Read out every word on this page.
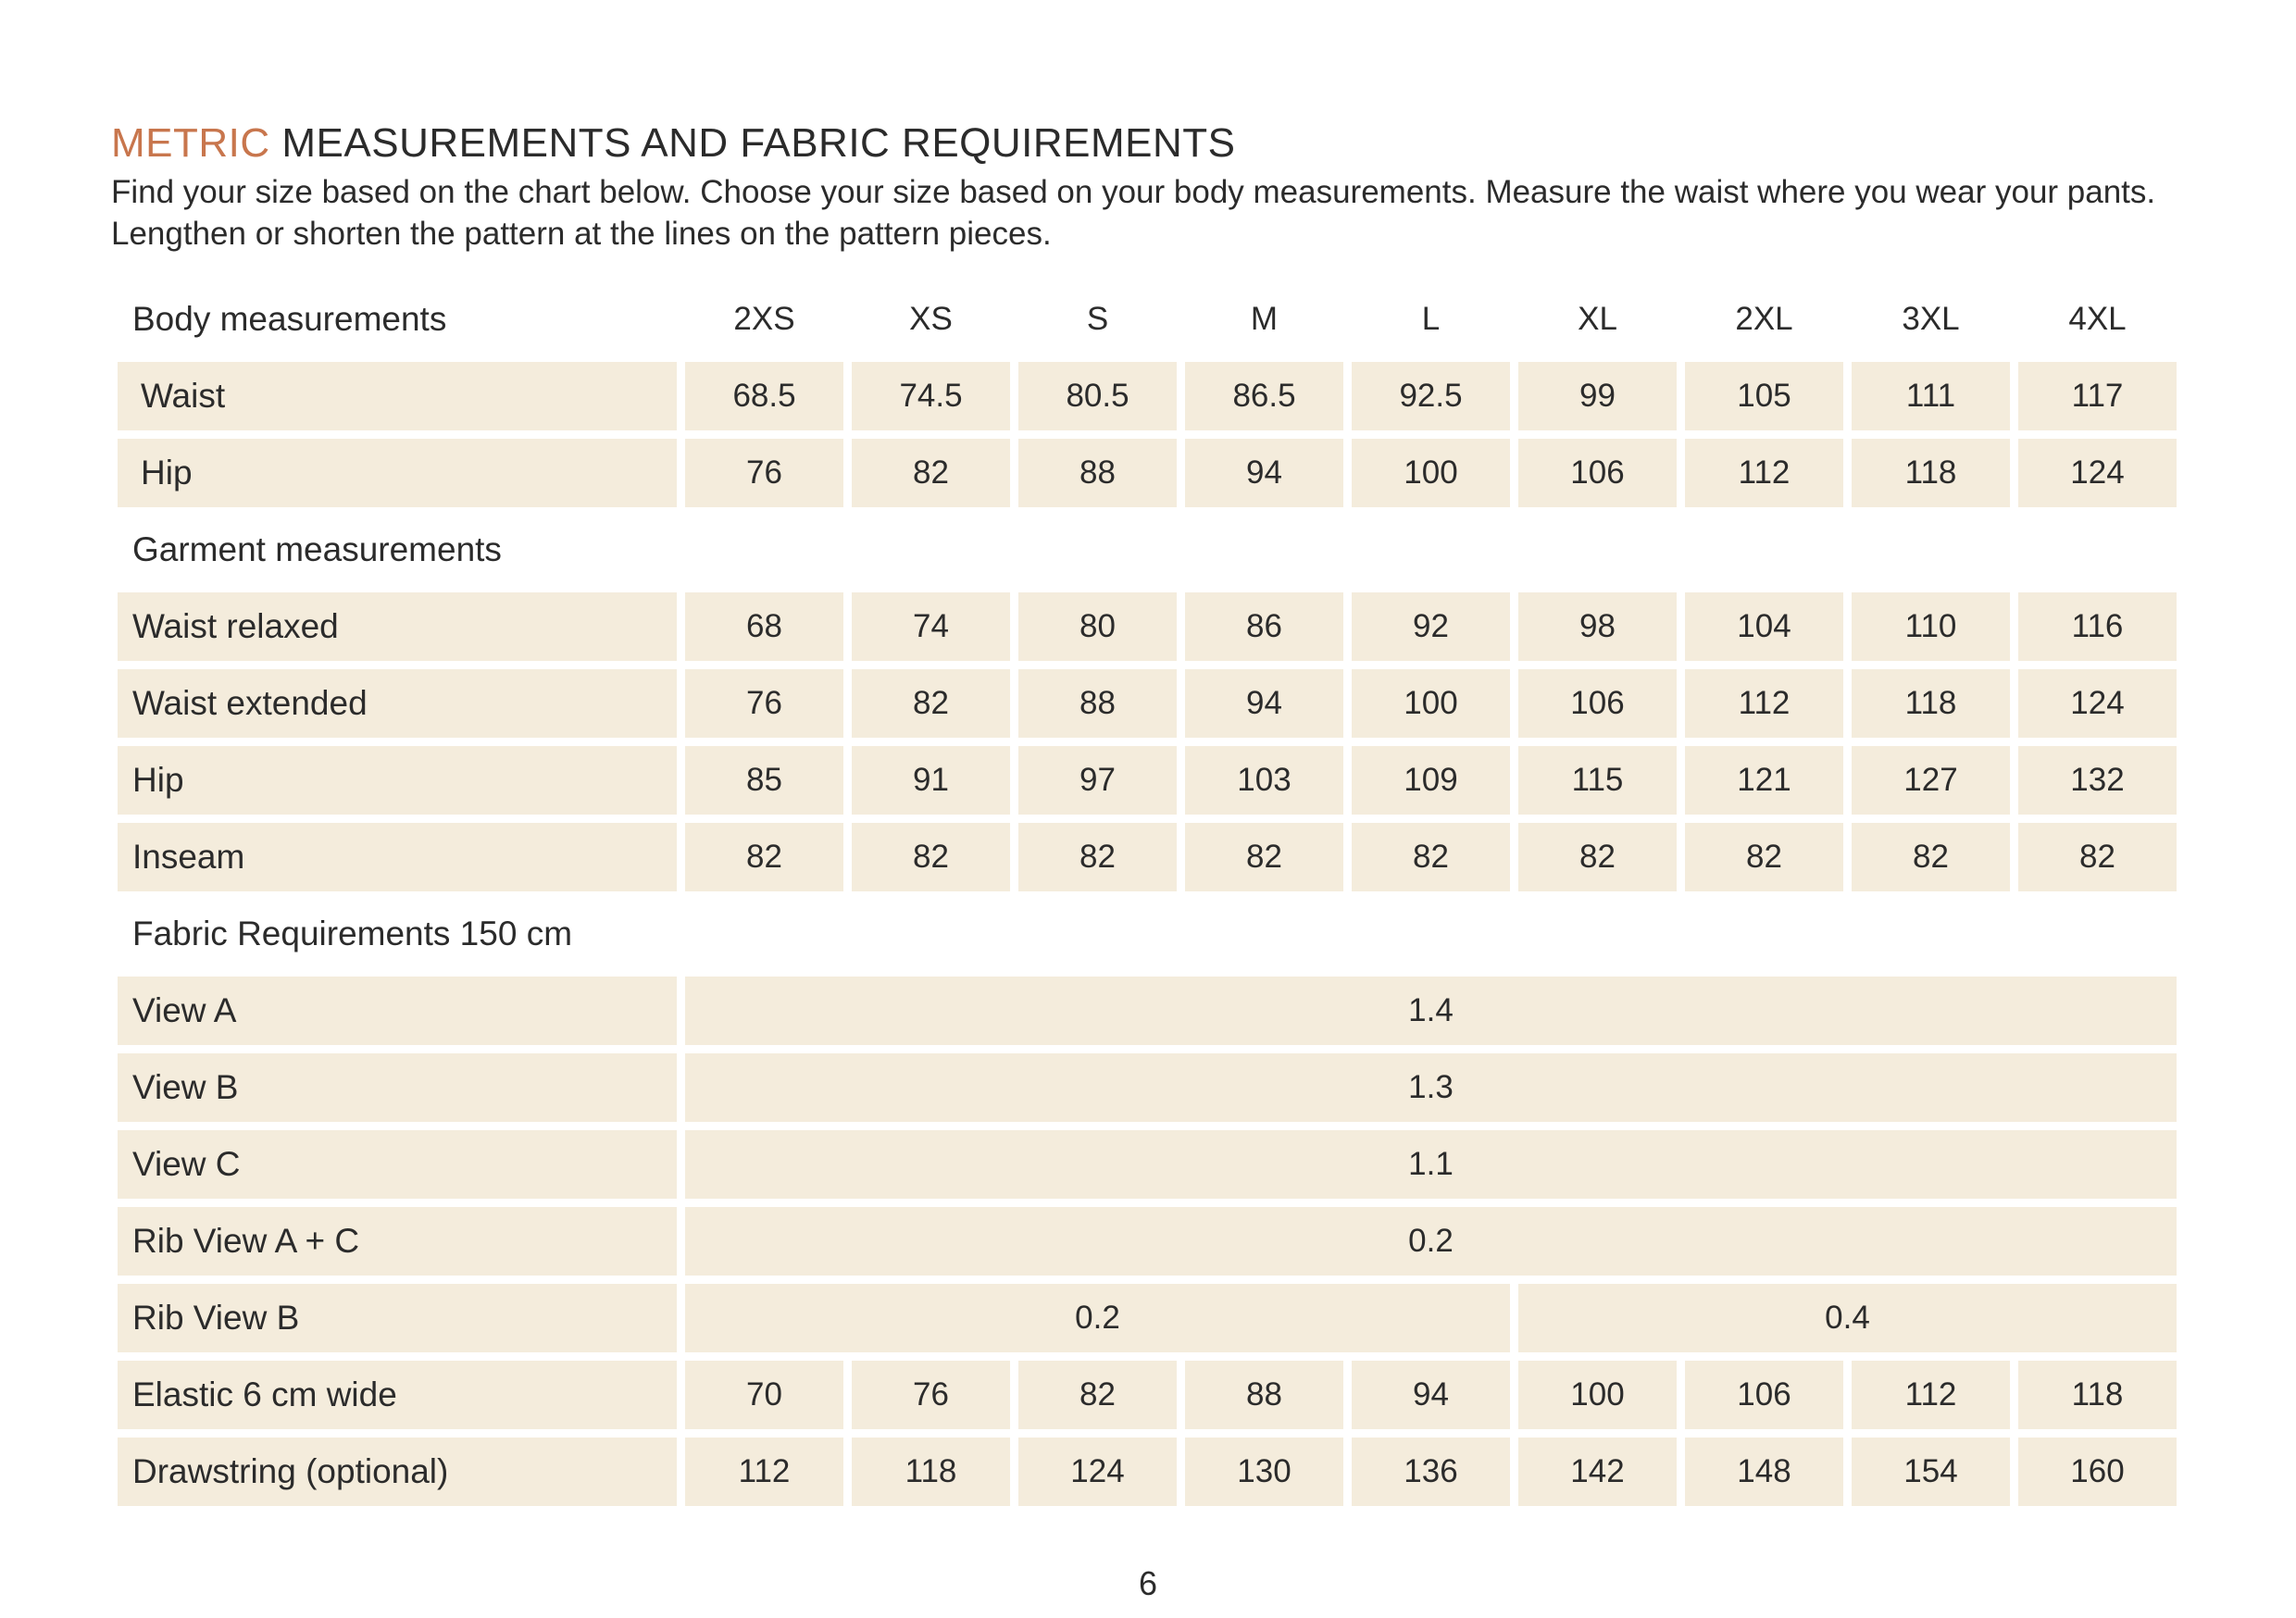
METRIC MEASUREMENTS AND FABRIC REQUIREMENTS

Find your size based on the chart below. Choose your size based on your body measurements. Measure the waist where you wear your pants. Lengthen or shorten the pattern at the lines on the pattern pieces.

Body measurements	2XS	XS	S	M	L	XL	2XL	3XL	4XL
Waist	68.5	74.5	80.5	86.5	92.5	99	105	111	117
Hip	76	82	88	94	100	106	112	118	124
Garment measurements
Waist relaxed	68	74	80	86	92	98	104	110	116
Waist extended	76	82	88	94	100	106	112	118	124
Hip	85	91	97	103	109	115	121	127	132
Inseam	82	82	82	82	82	82	82	82	82
Fabric Requirements 150 cm
View A	1.4
View B	1.3
View C	1.1
Rib View A + C	0.2
Rib View B	0.2	0.4
Elastic 6 cm wide	70	76	82	88	94	100	106	112	118
Drawstring (optional)	112	118	124	130	136	142	148	154	160
6
